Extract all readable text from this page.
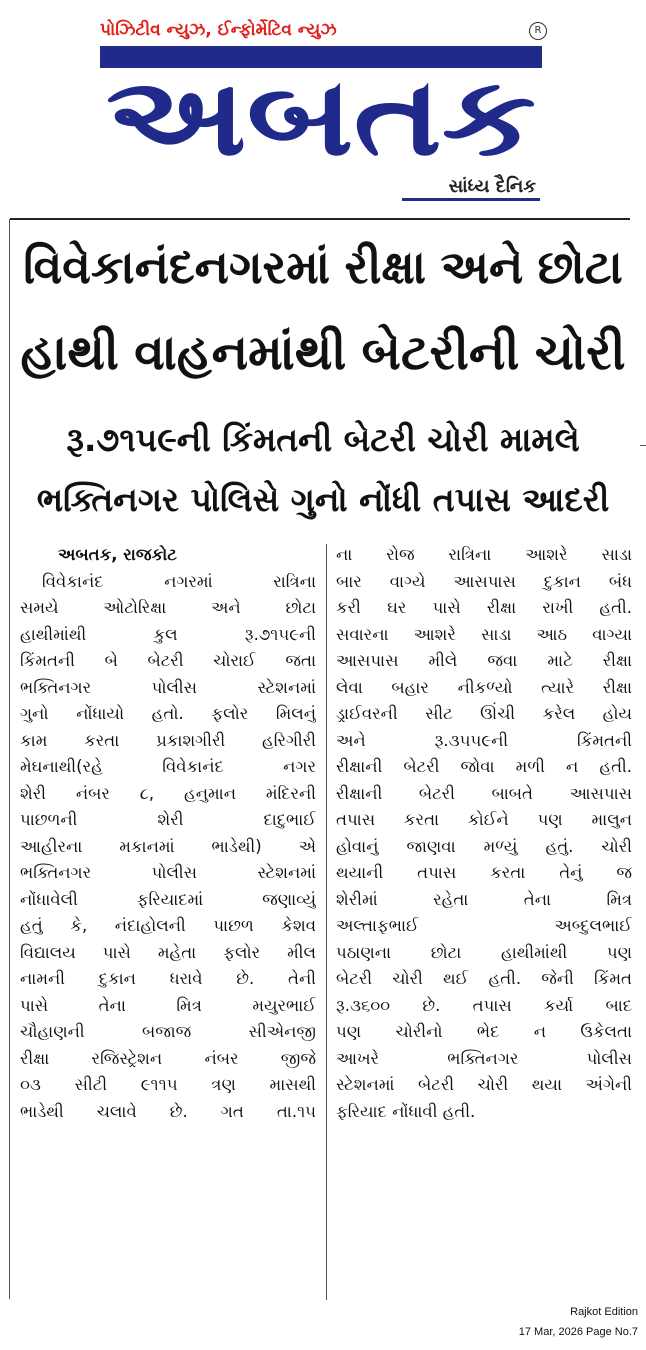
પોઝિટીવ ન્યુઝ, ઈન્ફોર્મેટિવ ન્યુઝ	R
અબતક
સાંધ્ય દૈનિક
વિવેકાનંદનગરમાં રીક્ષા અને છોટા
હાથી વાહનમાંથી બેટરીની ચોરી
રૂ.૭૧૫૯ની કિંમતની બેટરી ચોરી મામલે
ભક્તિનગર પોલિસે ગુનો નોંધી તપાસ આદરી
અબતક, રાજકોટ
વિવેકાનંદ નગરમાં રાત્રિના
સમયે ઓટોરિક્ષા અને છોટા
હાથીમાંથી કુલ રૂ.૭૧૫૯ની
કિંમતની બે બેટરી ચોરાઈ જતા
ભક્તિનગર પોલીસ સ્ટેશનમાં
ગુનો નોંધાયો હતો. ફલોર મિલનું
કામ કરતા પ્રકાશગીરી હરિગીરી
મેઘનાથી(રહે વિવેકાનંદ નગર
શેરી નંબર ૮, હનુમાન મંદિરની
પાછળની શેરી દાદુભાઈ
આહીરના મકાનમાં ભાડેથી) એ
ભક્તિનગર પોલીસ સ્ટેશનમાં
નોંધાવેલી ફરિયાદમાં જણાવ્યું
હતું કે, નંદાહોલની પાછળ કેશવ
વિદ્યાલય પાસે મહેતા ફલોર મીલ
નામની દુકાન ધરાવે છે. તેની
પાસે તેના મિત્ર મયુરભાઈ
ચૌહાણની બજાજ સીએનજી
રીક્ષા રજિસ્ટ્રેશન નંબર જીજે
૦૩ સીટી ૯૧૧૫ ત્રણ માસથી
ભાડેથી ચલાવે છે. ગત તા.૧૫
ના રોજ રાત્રિના આશરે સાડા
બાર વાગ્યે આસપાસ દુકાન બંધ
કરી ઘર પાસે રીક્ષા રાખી હતી.
સવારના આશરે સાડા આઠ વાગ્યા
આસપાસ મીલે જવા માટે રીક્ષા
લેવા બહાર નીકળ્યો ત્યારે રીક્ષા
ડ્રાઈવરની સીટ ઊંચી કરેલ હોય
અને રૂ.૩૫૫૯ની કિંમતની
રીક્ષાની બેટરી જોવા મળી ન હતી.
રીક્ષાની બેટરી બાબતે આસપાસ
તપાસ કરતા કોઈને પણ માલુન
હોવાનું જાણવા મળ્યું હતું. ચોરી
થયાની તપાસ કરતા તેનું જ
શેરીમાં રહેતા તેના મિત્ર
અલ્તાફભાઈ અબ્દુલભાઈ
પઠાણના છોટા હાથીમાંથી પણ
બેટરી ચોરી થઈ હતી. જેની કિંમત
રૂ.૩૬૦૦ છે. તપાસ કર્યા બાદ
પણ ચોરીનો ભેદ ન ઉકેલતા
આખરે ભક્તિનગર પોલીસ
સ્ટેશનમાં બેટરી ચોરી થયા અંગેની
ફરિયાદ નોંધાવી હતી.
Rajkot Edition
17 Mar, 2026 Page No.7
